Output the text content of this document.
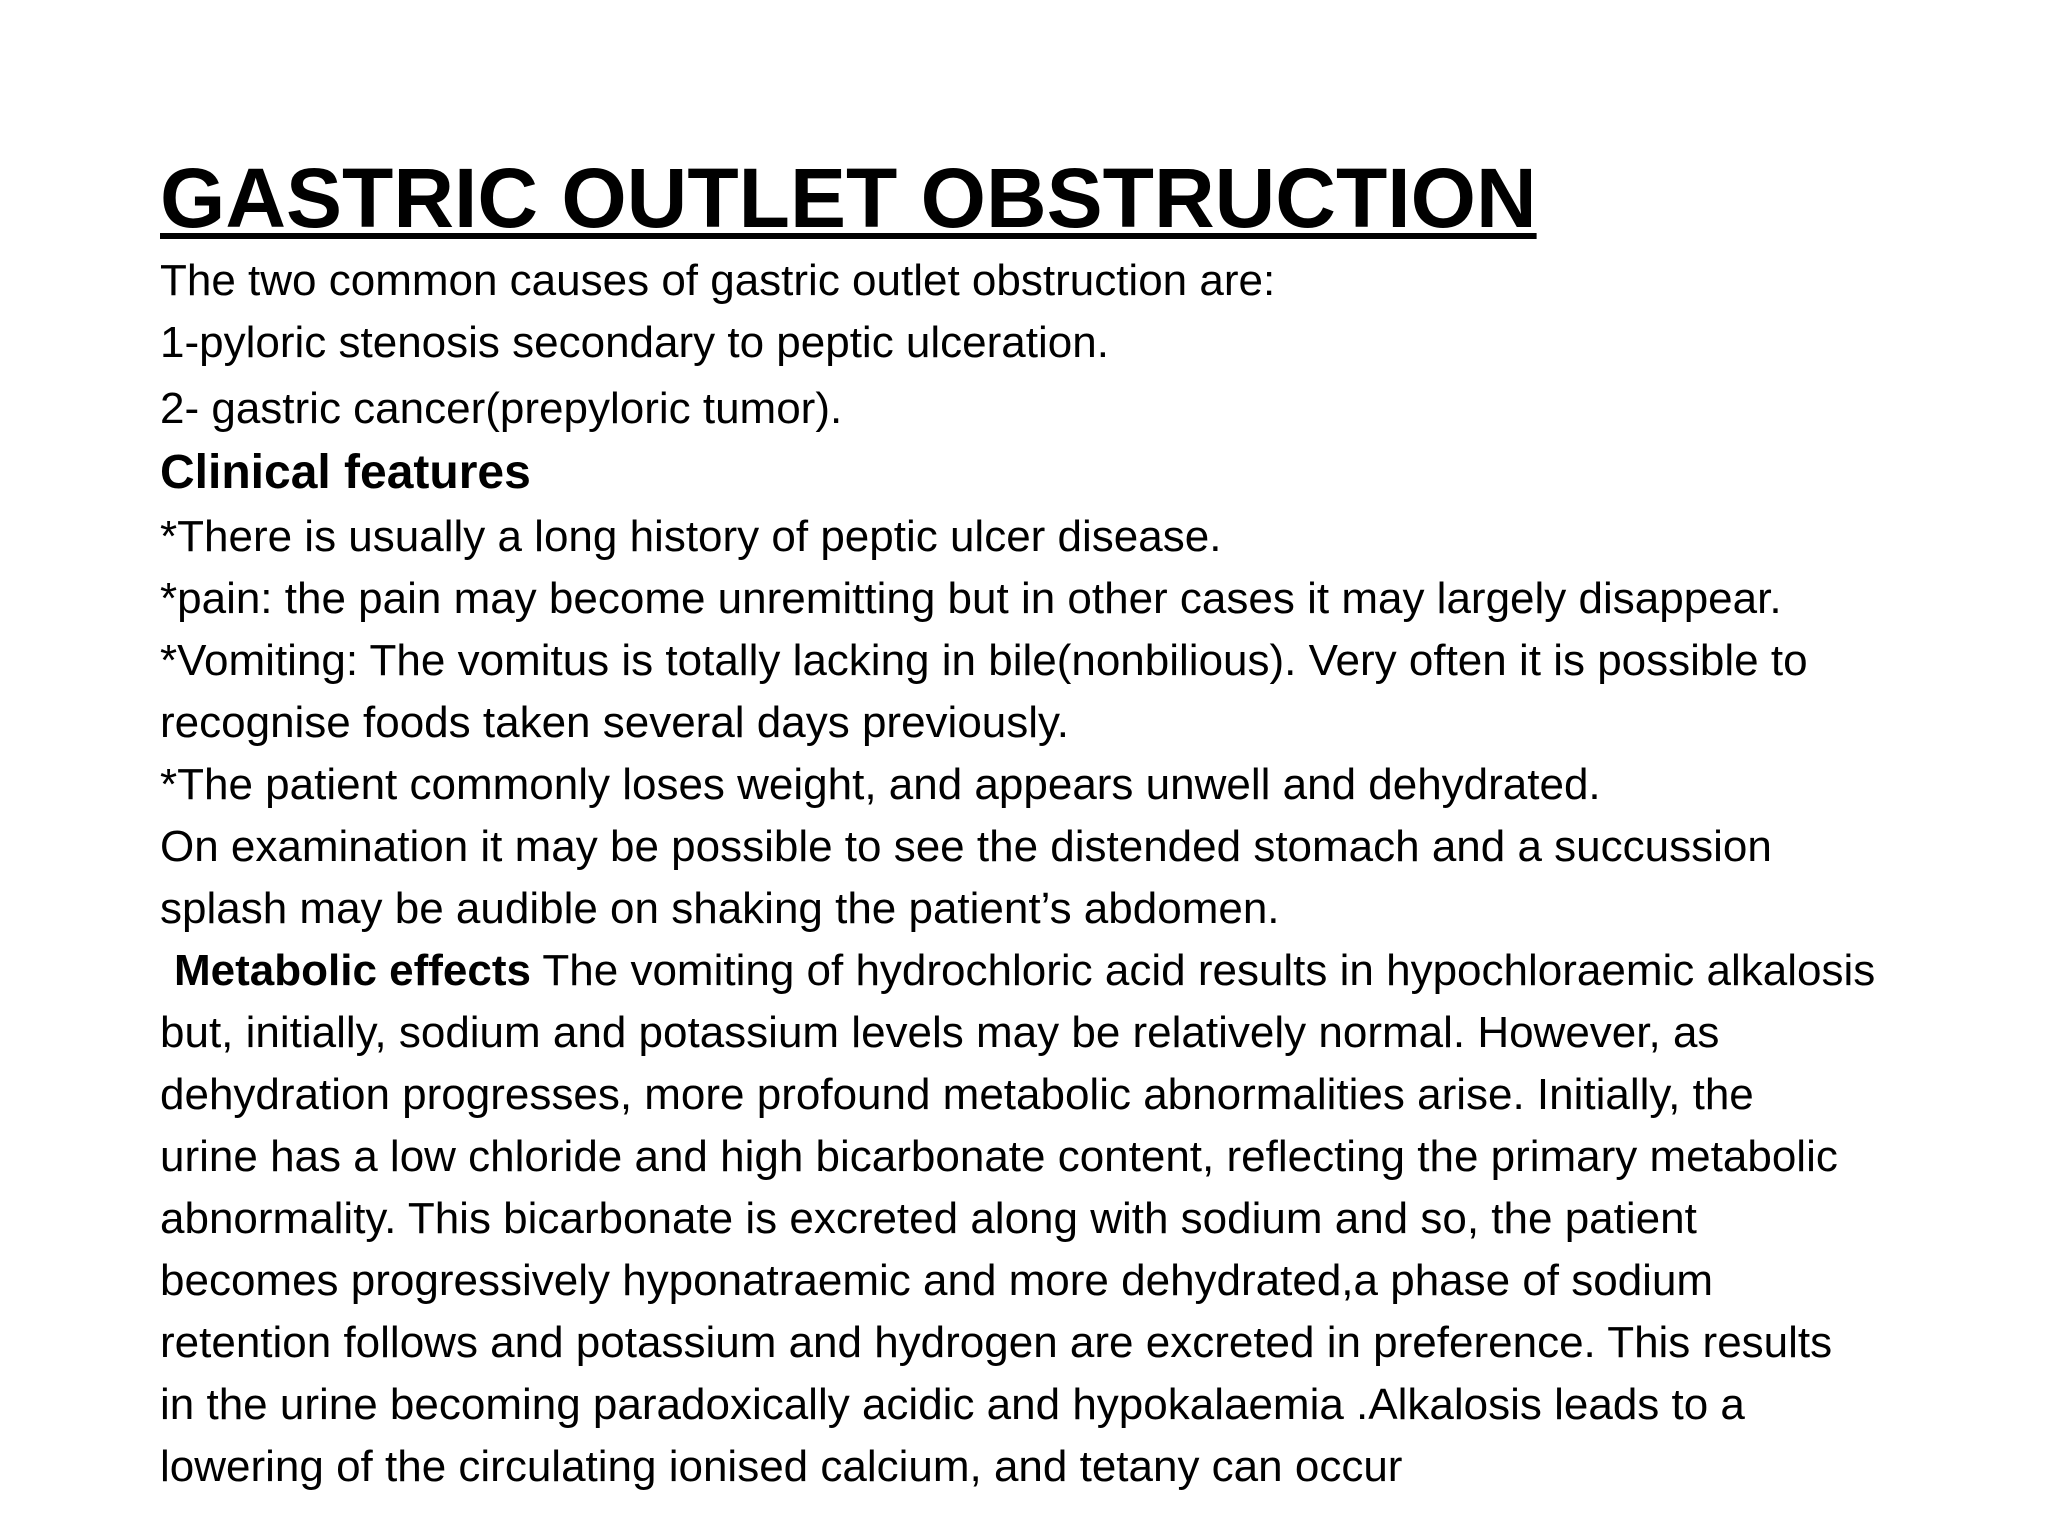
GASTRIC OUTLET OBSTRUCTION

The two common causes of gastric outlet obstruction are:

1-pyloric stenosis secondary to peptic ulceration.

2- gastric cancer(prepyloric tumor).

Clinical features

*There is usually a long history of peptic ulcer disease.

*pain: the pain may become unremitting but in other cases it may largely disappear.

*Vomiting: The vomitus is totally lacking in bile(nonbilious). Very often it is possible to

recognise foods taken several days previously.

*The patient commonly loses weight, and appears unwell and dehydrated.

On examination it may be possible to see the distended stomach and a succussion

splash may be audible on shaking the patient’s abdomen.

Metabolic effects The vomiting of hydrochloric acid results in hypochloraemic alkalosis

but, initially, sodium and potassium levels may be relatively normal. However, as

dehydration progresses, more profound metabolic abnormalities arise. Initially, the

urine has a low chloride and high bicarbonate content, reflecting the primary metabolic

abnormality. This bicarbonate is excreted along with sodium and so, the patient

becomes progressively hyponatraemic and more dehydrated,a phase of sodium

retention follows and potassium and hydrogen are excreted in preference. This results

in the urine becoming paradoxically acidic and hypokalaemia .Alkalosis leads to a

lowering of the circulating ionised calcium, and tetany can occur
